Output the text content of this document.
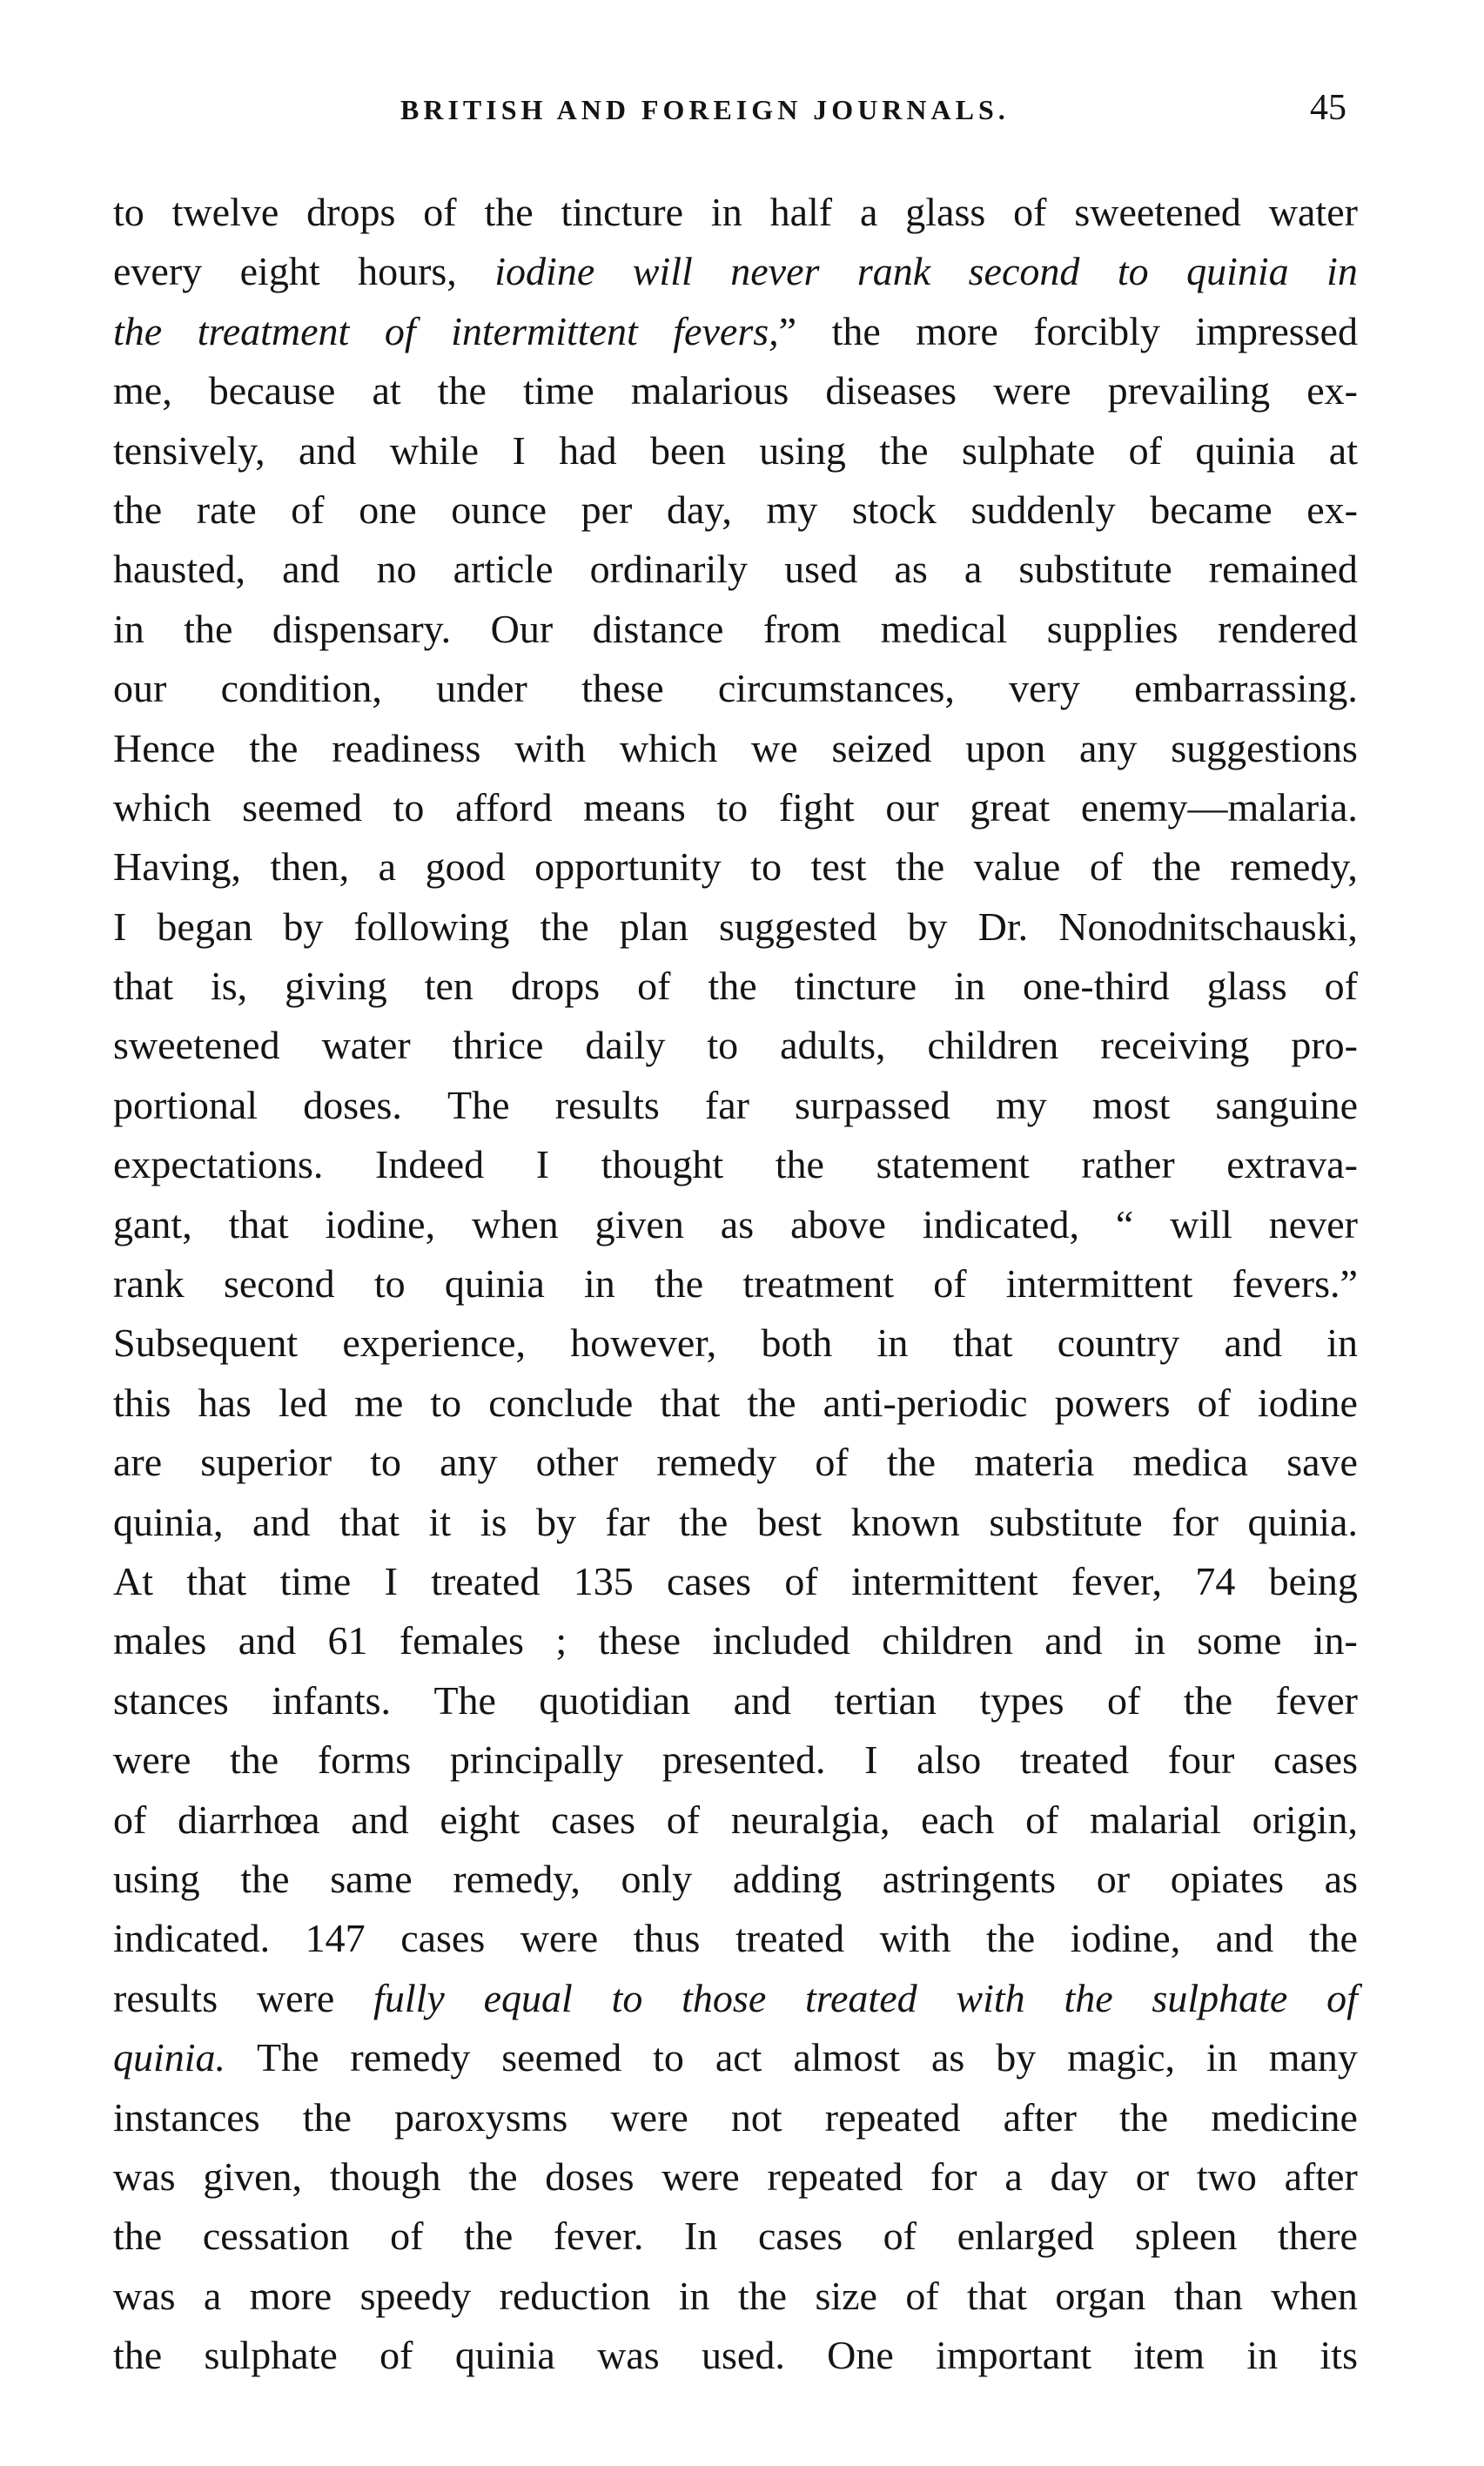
BRITISH AND FOREIGN JOURNALS.	45
to twelve drops of the tincture in half a glass of sweetened water
every eight hours, iodine will never rank second to quinia in
the treatment of intermittent fevers,” the more forcibly impressed
me, because at the time malarious diseases were prevailing ex-
tensively, and while I had been using the sulphate of quinia at
the rate of one ounce per day, my stock suddenly became ex-
hausted, and no article ordinarily used as a substitute remained
in the dispensary. Our distance from medical supplies rendered
our condition, under these circumstances, very embarrassing.
Hence the readiness with which we seized upon any suggestions
which seemed to afford means to fight our great enemy—malaria.
Having, then, a good opportunity to test the value of the remedy,
I began by following the plan suggested by Dr. Nonodnitschauski,
that is, giving ten drops of the tincture in one-third glass of
sweetened water thrice daily to adults, children receiving pro-
portional doses. The results far surpassed my most sanguine
expectations. Indeed I thought the statement rather extrava-
gant, that iodine, when given as above indicated, “ will never
rank second to quinia in the treatment of intermittent fevers.”
Subsequent experience, however, both in that country and in
this has led me to conclude that the anti-periodic powers of iodine
are superior to any other remedy of the materia medica save
quinia, and that it is by far the best known substitute for quinia.
At that time I treated 135 cases of intermittent fever, 74 being
males and 61 females ; these included children and in some in-
stances infants. The quotidian and tertian types of the fever
were the forms principally presented. I also treated four cases
of diarrhœa and eight cases of neuralgia, each of malarial origin,
using the same remedy, only adding astringents or opiates as
indicated. 147 cases were thus treated with the iodine, and the
results were fully equal to those treated with the sulphate of
quinia. The remedy seemed to act almost as by magic, in many
instances the paroxysms were not repeated after the medicine
was given, though the doses were repeated for a day or two after
the cessation of the fever. In cases of enlarged spleen there
was a more speedy reduction in the size of that organ than when
the sulphate of quinia was used. One important item in its
